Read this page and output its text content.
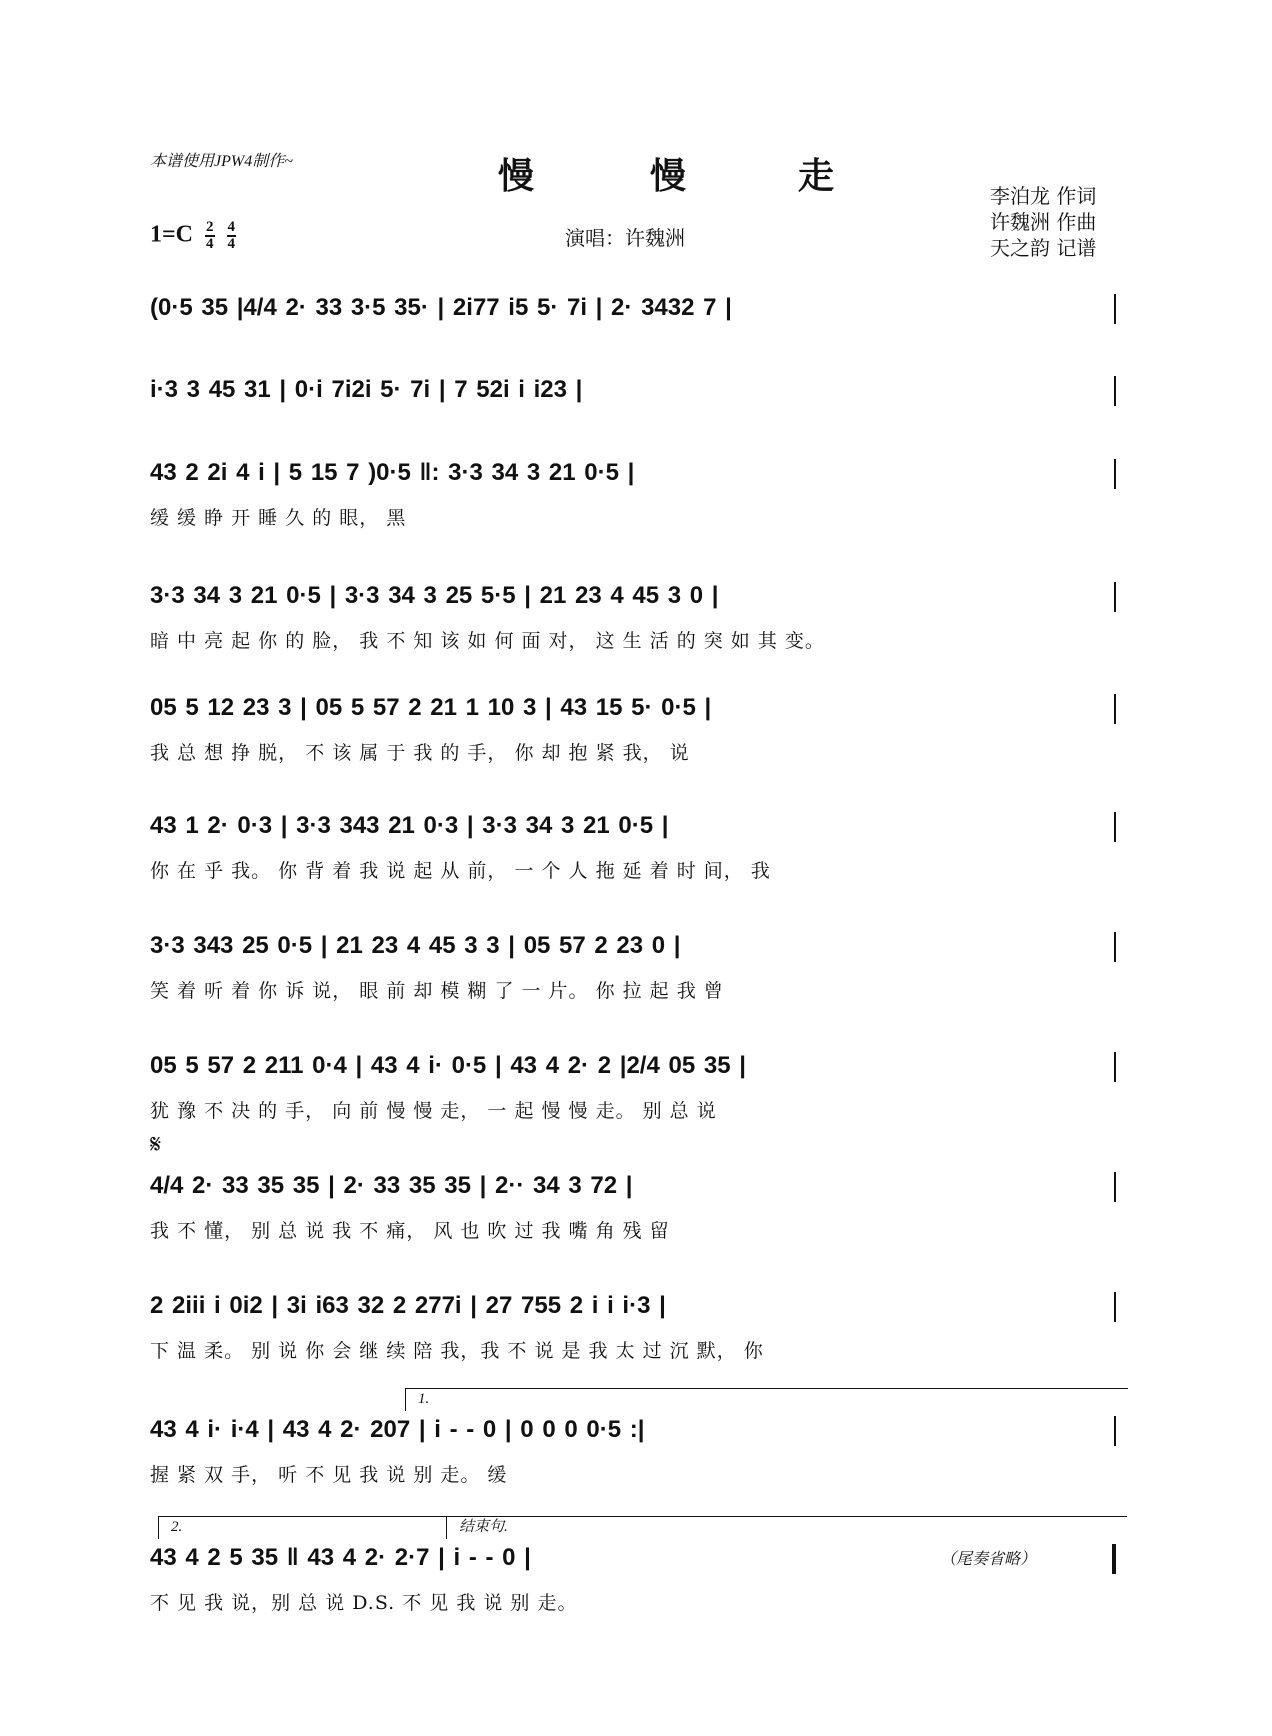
本谱使用JPW4制作~	慢	慢	走
$1=C \frac{2}{4}$
$\frac{4}{4}$	演唱：许魏洲
李泊龙 作词
许魏洲 作曲
天之韵 记谱
(0·5 35 |4/4 2· 33 3·5 35· | 2i77 i5 5· 7i | 2· 3432 7 |
i·3 3 45 31 | 0·i 7i2i 5· 7i | 7 52i i i23 |
43 2 2i 4 i | 5 15 7 )0·5 ‖: 3·3 34 3 21 0·5 |
缓 缓 睁 开 睡 久 的 眼， 黑
3·3 34 3 21 0·5 | 3·3 34 3 25 5·5 | 21 23 4 45 3 0 |
暗 中 亮 起 你 的 脸， 我 不 知 该 如 何 面 对， 这 生 活 的 突 如 其 变。
05 5 12 23 3 | 05 5 57 2 21 1 10 3 | 43 15 5· 0·5 |
我 总 想 挣 脱， 不 该 属 于 我 的 手， 你 却 抱 紧 我， 说
43 1 2· 0·3 | 3·3 343 21 0·3 | 3·3 34 3 21 0·5 |
你 在 乎 我。 你 背 着 我 说 起 从 前， 一 个 人 拖 延 着 时 间， 我
3·3 343 25 0·5 | 21 23 4 45 3 3 | 05 57 2 23 0 |
笑 着 听 着 你 诉 说， 眼 前 却 模 糊 了 一 片。 你 拉 起 我 曾
05 5 57 2 211 0·4 | 43 4 i· 0·5 | 43 4 2· 2 |2/4 05 35 |
犹 豫 不 决 的 手， 向 前 慢 慢 走， 一 起 慢 慢 走。 别 总 说
𝄋
4/4 2· 33 35 35 | 2· 33 35 35 | 2·· 34 3 72 |
我 不 懂， 别 总 说 我 不 痛， 风 也 吹 过 我 嘴 角 残 留
2 2iii i 0i2 | 3i i63 32 2 277i | 27 755 2 i i i·3 |
下 温 柔。 别 说 你 会 继 续 陪 我，我 不 说 是 我 太 过 沉 默， 你
1.
43 4 i· i·4 | 43 4 2· 207 | i - - 0 | 0 0 0 0·5 :|
握 紧 双 手， 听 不 见 我 说 别 走。 缓
2.	结束句.
43 4 2 5 35 ‖ 43 4 2· 2·7 | i - - 0 |
不 见 我 说，别 总 说 D.S. 不 见 我 说 别 走。
（尾奏省略）
